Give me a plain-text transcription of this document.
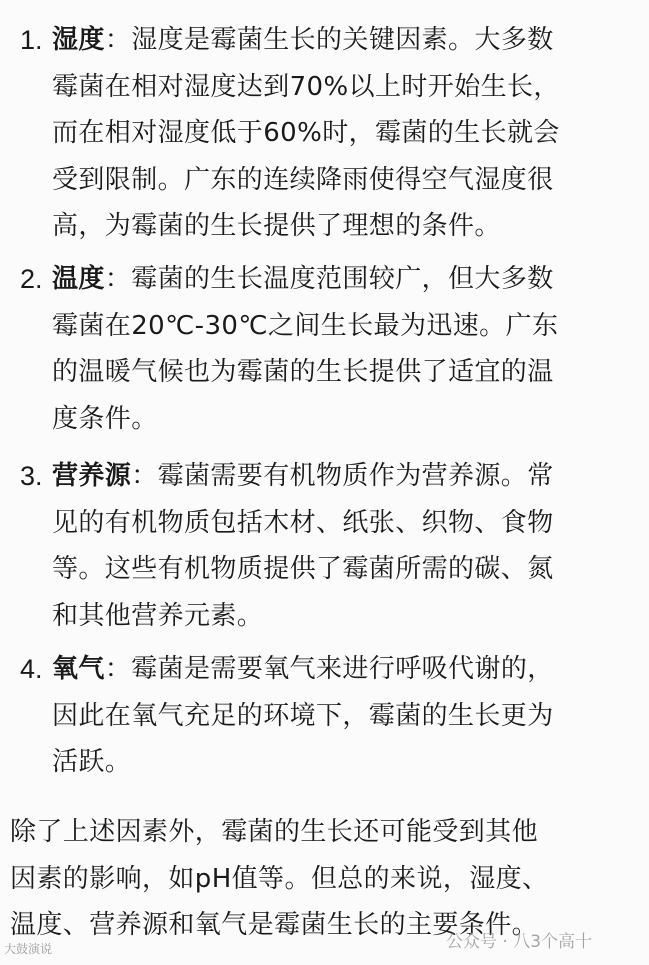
1. 湿度：湿度是霉菌生长的关键因素。大多数
霉菌在相对湿度达到70%以上时开始生长，
而在相对湿度低于60%时，霉菌的生长就会
受到限制。广东的连续降雨使得空气湿度很
高，为霉菌的生长提供了理想的条件。
2. 温度：霉菌的生长温度范围较广，但大多数
霉菌在20℃-30℃之间生长最为迅速。广东
的温暖气候也为霉菌的生长提供了适宜的温
度条件。
3. 营养源：霉菌需要有机物质作为营养源。常
见的有机物质包括木材、纸张、织物、食物
等。这些有机物质提供了霉菌所需的碳、氮
和其他营养元素。
4. 氧气：霉菌是需要氧气来进行呼吸代谢的，
因此在氧气充足的环境下，霉菌的生长更为
活跃。
除了上述因素外，霉菌的生长还可能受到其他
因素的影响，如pH值等。但总的来说，湿度、
温度、营养源和氧气是霉菌生长的主要条件。
大鼓演说	公众号 · 八3个高十
